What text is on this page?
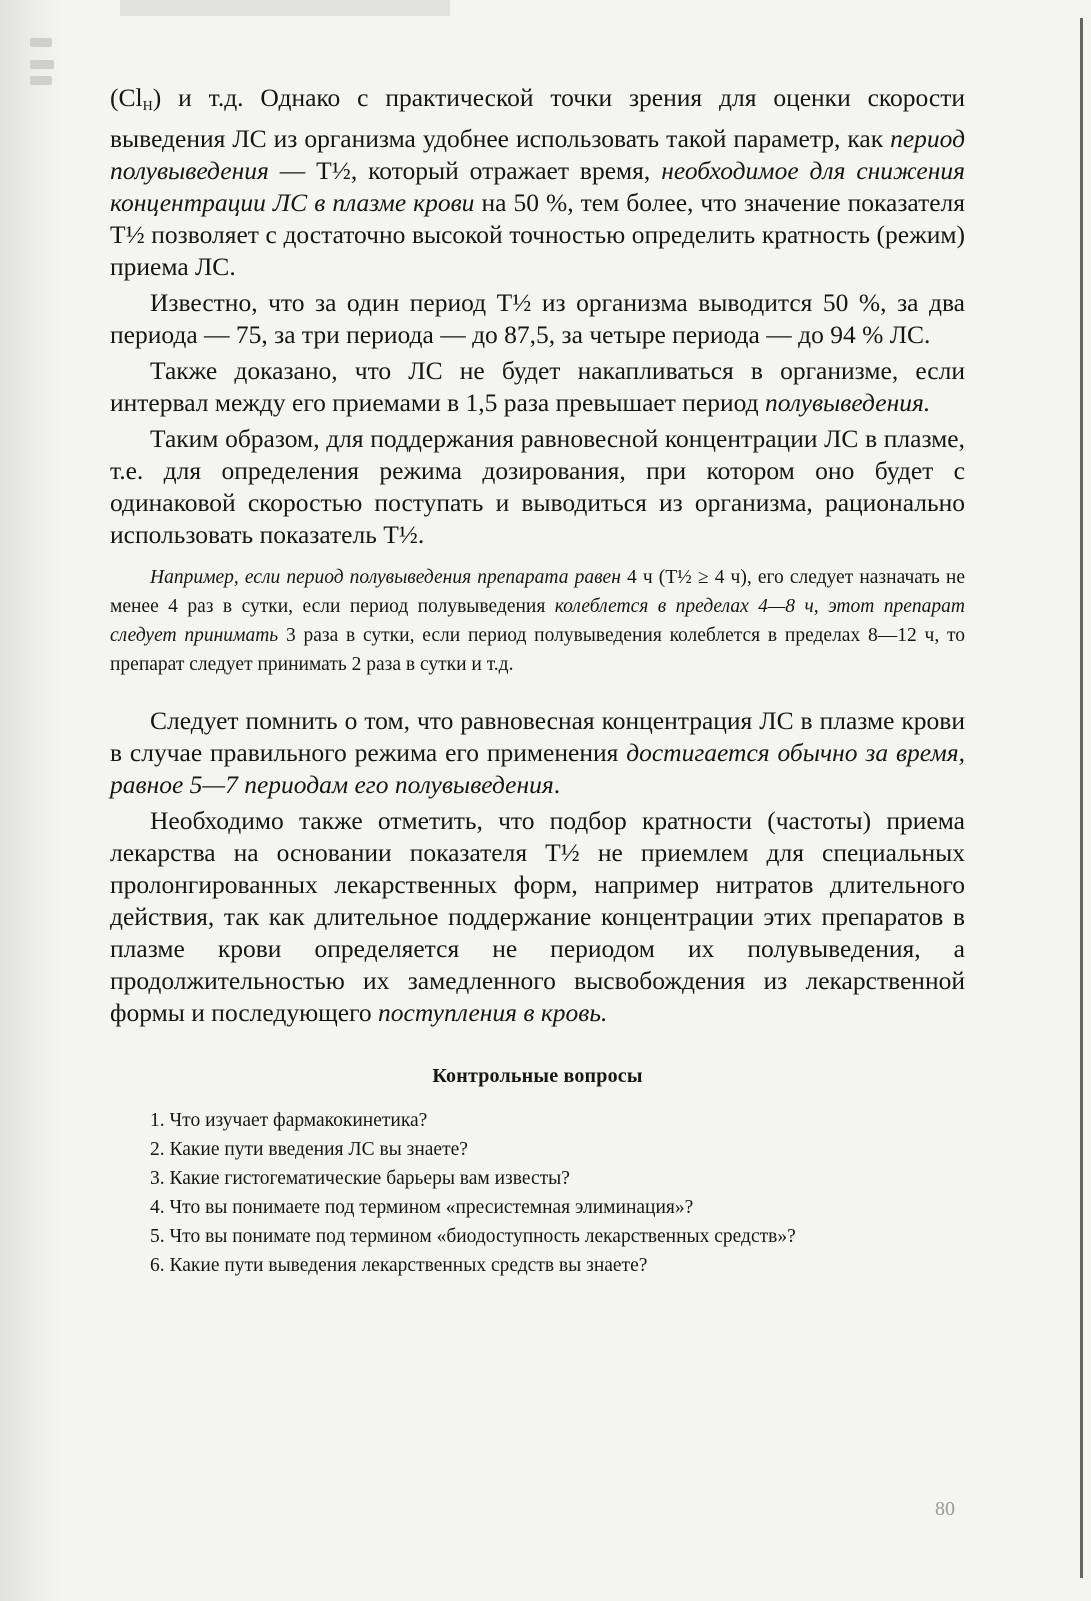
$(Cl_H)$ и т.д. Однако с практической точки зрения для оценки скорости выведения ЛС из организма удобнее использовать такой параметр, как период полувыведения — Т½, который отражает время, необходимое для снижения концентрации ЛС в плазме крови на 50 %, тем более, что значение показателя Т½ позволяет с достаточно высокой точностью определить кратность (режим) приема ЛС.

Известно, что за один период Т½ из организма выводится 50 %, за два периода — 75, за три периода — до 87,5, за четыре периода — до 94 % ЛС.

Также доказано, что ЛС не будет накапливаться в организме, если интервал между его приемами в 1,5 раза превышает период полувыведения.

Таким образом, для поддержания равновесной концентрации ЛС в плазме, т.е. для определения режима дозирования, при котором оно будет с одинаковой скоростью поступать и выводиться из организма, рационально использовать показатель Т½.

Например, если период полувыведения препарата равен 4 ч (Т½ ≥ 4 ч), его следует назначать не менее 4 раз в сутки, если период полувыведения колеблется в пределах 4—8 ч, этот препарат следует принимать 3 раза в сутки, если период полувыведения колеблется в пределах 8—12 ч, то препарат следует принимать 2 раза в сутки и т.д.

Следует помнить о том, что равновесная концентрация ЛС в плазме крови в случае правильного режима его применения достигается обычно за время, равное 5—7 периодам его полувыведения.

Необходимо также отметить, что подбор кратности (частоты) приема лекарства на основании показателя Т½ не приемлем для специальных пролонгированных лекарственных форм, например нитратов длительного действия, так как длительное поддержание концентрации этих препаратов в плазме крови определяется не периодом их полувыведения, а продолжительностью их замедленного высвобождения из лекарственной формы и последующего поступления в кровь.

Контрольные вопросы
1. Что изучает фармакокинетика?
2. Какие пути введения ЛС вы знаете?
3. Какие гистогематические барьеры вам известы?
4. Что вы понимаете под термином «пресистемная элиминация»?
5. Что вы понимате под термином «биодоступность лекарственных средств»?
6. Какие пути выведения лекарственных средств вы знаете?
80
